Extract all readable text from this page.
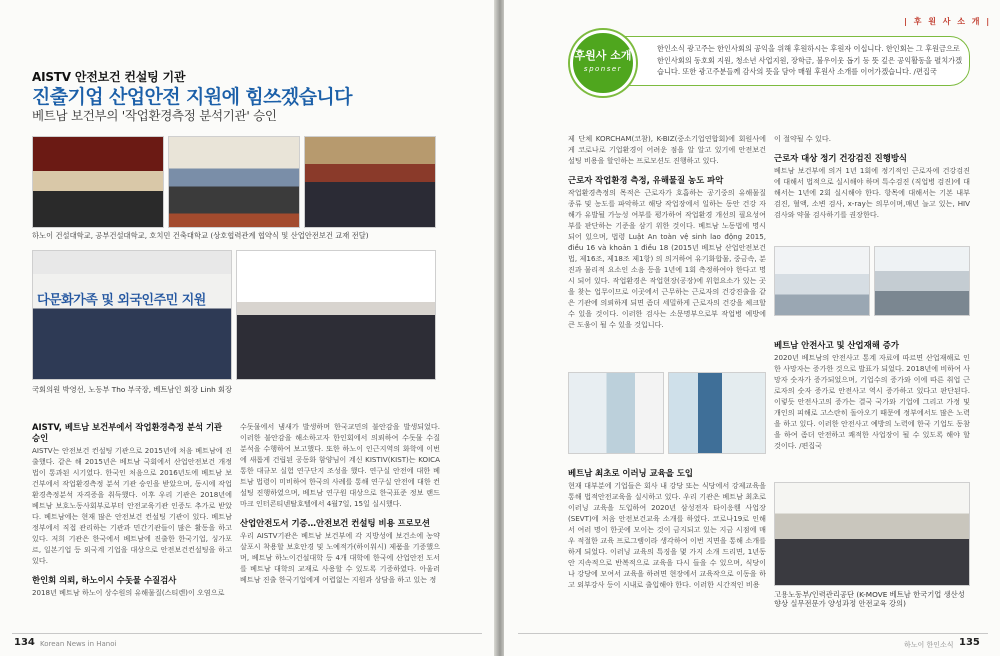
AISTV 안전보건 컨설팅 기관
진출기업 산업안전 지원에 힘쓰겠습니다
베트남 보건부의 '작업환경측정 분석기관' 승인
하노이 건설대학교, 공부건설대학교, 호치민 건축대학교 (상호협력관계 협약식 및 산업안전보건 교재 전달)
다문화가족 및 외국인주민 지원
국회의원 박영선, 노동부 Tho 부국장, 베트남인 회장 Linh 회장
AISTV, 베트남 보건부에서 작업환경측정 분석 기관 승인
AISTV는 안전보건 컨설팅 기관으로 2015년에 처음 베트남에 진출했다. 같은 해 2015년은 베트남 국회에서 산업안전보건 개정 법이 통과된 시기였다. 한국인 처음으로 2016년도에 베트남 보건부에서 작업환경측정 분석 기관 승인을 받았으며, 동시에 작업환경측정분석 자격증을 취득했다. 이후 우리 기관은 2018년에 베트남 보호노동사회부로부터 안전교육기관 인증도 추가로 받았다. 베트남에는 현재 많은 안전보건 컨설팅 기관이 있다. 베트남 정부에서 직접 관리하는 기관과 민간기관들이 많은 활동을 하고 있다. 저희 기관은 한국에서 베트남에 진출한 한국기업, 싱가포르, 일본기업 등 외국계 기업을 대상으로 안전보건컨설팅을 하고 있다.
한인회 의뢰, 하노이시 수돗물 수질검사
2018년 베트남 하노이 상수원의 유해물질(스티렌)이 오염으로
수돗물에서 냄새가 발생하며 한국교민의 불안감을 발생되었다. 이러한 불안감을 해소하고자 한인회에서 의뢰하여 수돗물 수질 분석을 수행하여 보고했다. 또한 하노이 인근지역의 화학에 이번에 새롭게 건립된 공동화 함양님이 계신 KISTIV(KIST)는 KOICA 통한 대규모 실험 연구단지 조성을 했다. 연구실 안전에 대한 베트남 법령이 미비하여 한국의 사례를 통해 연구실 안전에 대한 컨설팅 진행하였으며, 베트남 연구원 대상으로 한국표준 정보 랜드마크 인터콘티넨탈호텔에서 4월7일, 15일 실시했다.
산업안전도서 기증…안전보건 컨설팅 비용 프로모션
우리 AISTV기관은 베트남 보건부에 각 지방성에 보건소에 농약 살포시 착용할 보호안경 및 노예적가(하이워시) 제품을 기증했으며, 베트남 하노이건설대학 등 4개 대학에 한국에 산업안전 도서를 베트남 대학의 교재로 사용할 수 있도록 기증하였다. 아울러 베트남 진출 한국기업에게 어렵없는 지원과 상담을 하고 있는 정
134 Korean News in Hanoi
| 후 원 사 소 개 |
한인소식 광고주는 한인사회의 공익을 위해 후원하시는 후원자 이십니다. 한인회는 그 후원금으로 한인사회의 동호회 지원, 청소년 사업지원, 장학금, 불우이웃 돕기 등 뜻 깊은 공익활동을 펼치가겠습니다. 또한 광고주분들께 감사의 뜻을 담아 매월 후원사 소개를 이어가겠습니다. /편집국
후원사 소개
sponser
제 단체 KORCHAM(코참), K-BIZ(중소기업연합회)에 회원사에게 코로나로 기업환경이 어려운 점을 알 알고 있기에 안전보건 설팅 비용을 할인하는 프로모션도 진행하고 있다.
근로자 작업환경 측정, 유해물질 농도 파악
작업환경측정의 목적은 근로자가 호흡하는 공기중의 유해물질 종류 및 농도를 파악하고 해당 작업장에서 일하는 동안 건강 자해가 유발될 가능성 여부를 평가하여 작업환경 개선의 필요성여부를 판단하는 기준을 삼기 위한 것이다. 베트남 노동법에 명시되어 있으며, 법령 Luật An toàn vệ sinh lao động 2015, điều 16 và khoản 1 điều 18 (2015년 베트남 산업안전보건법, 제16조, 제18조 제1항) 의 의거하여 유기화합물, 중금속, 분진과 물리적 요소인 소음 등을 1년에 1회 측정하여야 한다고 명시 되어 있다. 작업환경은 작업현장(공장)에 위험요소가 있는 곳을 찾는 업무이므로 이곳에서 근무하는 근로자의 건강진출을 같은 기관에 의뢰하게 되면 좀더 세밀하게 근로자의 건강을 체크할 수 있을 것이다. 이러한 검사는 소문명부으로부 작업병 예방에 큰 도움이 될 수 있을 것입니다.
베트남 최초로 이러닝 교육을 도입
현재 대부분에 기업들은 회사 내 강당 또는 식당에서 강제교육을 통해 법적안전교육을 실시하고 있다. 우리 기관은 베트남 최초로 이러닝 교육을 도입하여 2020년 삼성전자 타이응웬 사업장(SEVT)에 처음 안전보건교육 소개를 하였다. 코로나19로 인해서 여러 명이 한곳에 모이는 것이 금지되고 있는 지금 시점에 매우 적절한 교육 프로그램이라 생각하여 이번 지면을 통해 소개를 하게 되었다. 이러닝 교육의 특징을 몇 가지 소개 드리면, 1년동안 지속적으로 반복적으로 교육을 다시 들을 수 있으며, 식당이나 강당에 모여서 교육을 하려면 현장에서 교육작으로 이동을 하고 외부강사 등이 시내로 출입해야 한다. 이러한 시간적인 비용
이 절약될 수 있다.
근로자 대상 정기 건강검진 진행방식
베트남 보건부에 의거 1년 1회에 정기적인 근로자에 건강검진에 대해서 법적으로 실시해야 하며 특수검진 (직업병 검진)에 대해서는 1년에 2회 실시해야 한다. 항목에 대해서는 기본 내부 검진, 혈액, 소변 검사, x-ray는 의무이며,매년 늘고 있는, HIV 검사와 약물 검사하기를 권장한다.
베트남 안전사고 및 산업재해 증가
2020년 베트남의 안전사고 통계 자료에 따르면 산업재해로 인한 사망자는 증가한 것으로 발표가 되었다. 2018년에 비하여 사망자 숫자가 증가되었으며, 기업수의 증가와 이에 따른 취업 근로자의 숫자 증가로 안전사고 역시 증가하고 있다고 판단된다. 이렇듯 안전사고의 증가는 결국 국가와 기업에 그리고 가정 및 개인의 피해로 고스란히 돌아오기 때문에 정부에서도 많은 노력을 하고 있다. 이러한 안전사고 예방의 노력에 한국 기업도 동참을 하여 좀더 안전하고 쾌적한 사업장이 될 수 있도록 해야 할 것이다. /편집국
고용노동부/인력관리공단 (K-MOVE 베트남 한국기업 생산성향상 실무전문가 양성과정 안전교육 강의)
하노이 한인소식 135
